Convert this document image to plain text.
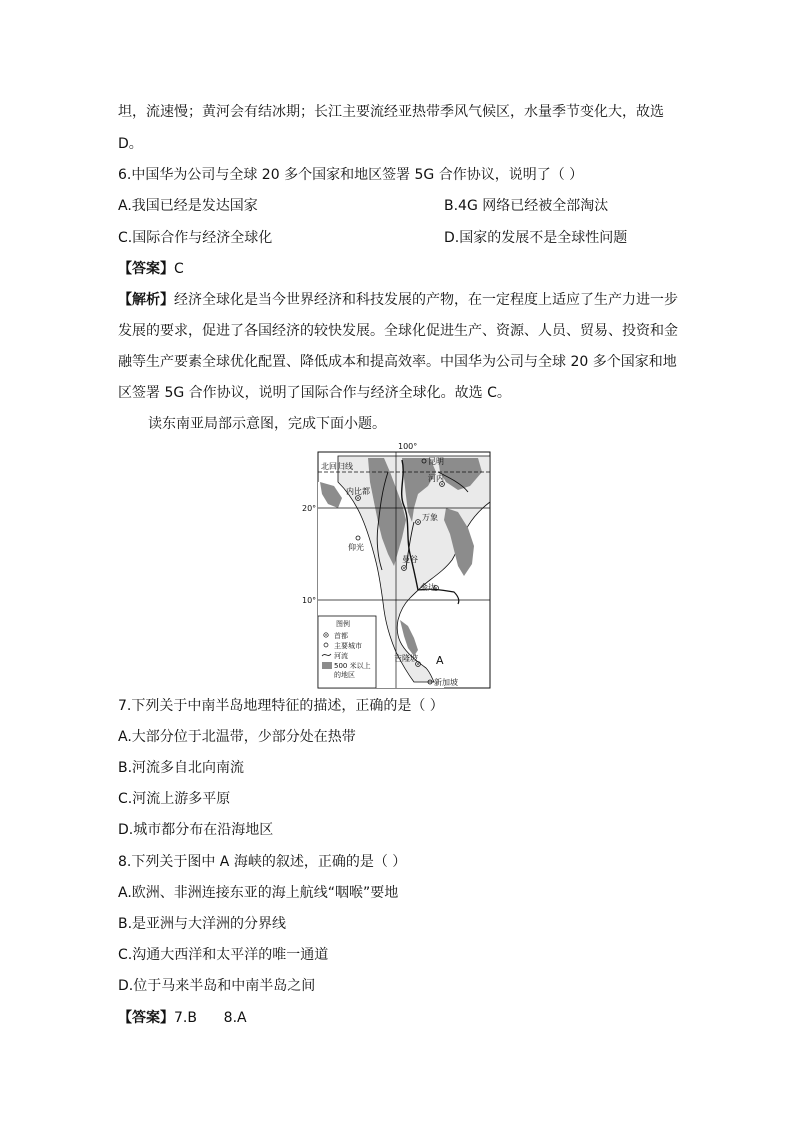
坦，流速慢；黄河会有结冰期；长江主要流经亚热带季风气候区，水量季节变化大，故选
D。
6.中国华为公司与全球 20 多个国家和地区签署 5G 合作协议，说明了（ ）
A.我国已经是发达国家	B.4G 网络已经被全部淘汰
C.国际合作与经济全球化	D.国家的发展不是全球性问题
【答案】C
【解析】经济全球化是当今世界经济和科技发展的产物，在一定程度上适应了生产力进一步
发展的要求，促进了各国经济的较快发展。全球化促进生产、资源、人员、贸易、投资和金
融等生产要素全球优化配置、降低成本和提高效率。中国华为公司与全球 20 多个国家和地
区签署 5G 合作协议，说明了国际合作与经济全球化。故选 C。
读东南亚局部示意图，完成下面小题。
100°
20°
10°
北回归线
昆明
内比都
河内
万象
仰光
曼谷
金边
吉隆坡
新加坡
A
图例
首都
主要城市
河流
500 米以上
的地区
7.下列关于中南半岛地理特征的描述，正确的是（ ）
A.大部分位于北温带，少部分处在热带
B.河流多自北向南流
C.河流上游多平原
D.城市都分布在沿海地区
8.下列关于图中 A 海峡的叙述，正确的是（ ）
A.欧洲、非洲连接东亚的海上航线“咽喉”要地
B.是亚洲与大洋洲的分界线
C.沟通大西洋和太平洋的唯一通道
D.位于马来半岛和中南半岛之间
【答案】7.B      8.A
